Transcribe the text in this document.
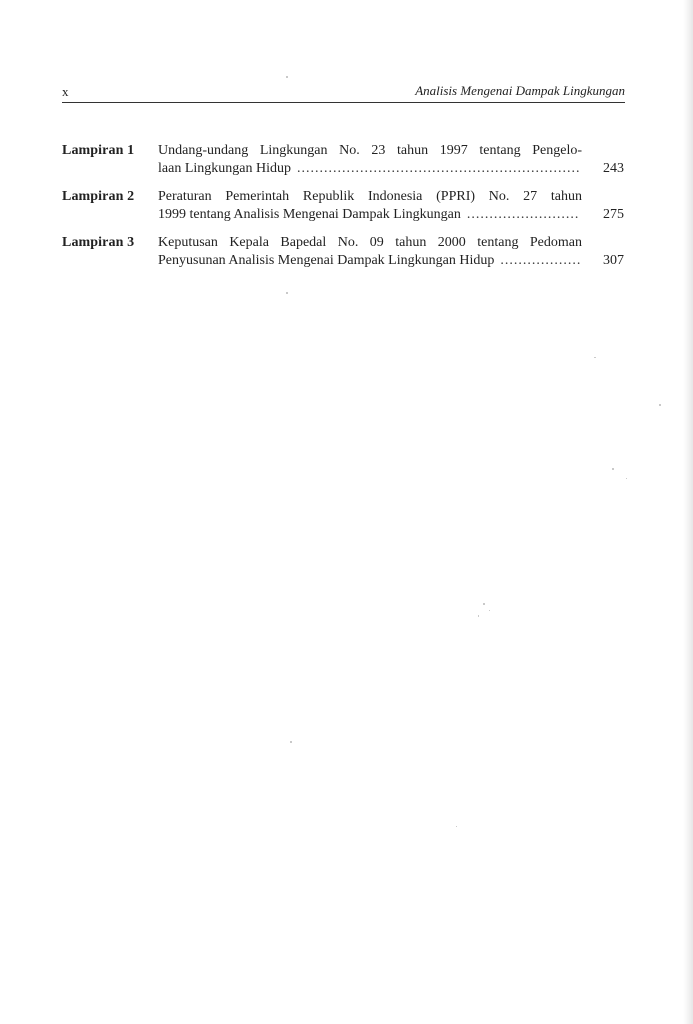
x	Analisis Mengenai Dampak Lingkungan
Lampiran 1 Undang-undang Lingkungan No. 23 tahun 1997 tentang Pengelo-
laan Lingkungan Hidup .....	243
Lampiran 2 Peraturan Pemerintah Republik Indonesia (PPRI) No. 27 tahun
1999 tentang Analisis Mengenai Dampak Lingkungan .....	275
Lampiran 3 Keputusan Kepala Bapedal No. 09 tahun 2000 tentang Pedoman
Penyusunan Analisis Mengenai Dampak Lingkungan Hidup .....	307
